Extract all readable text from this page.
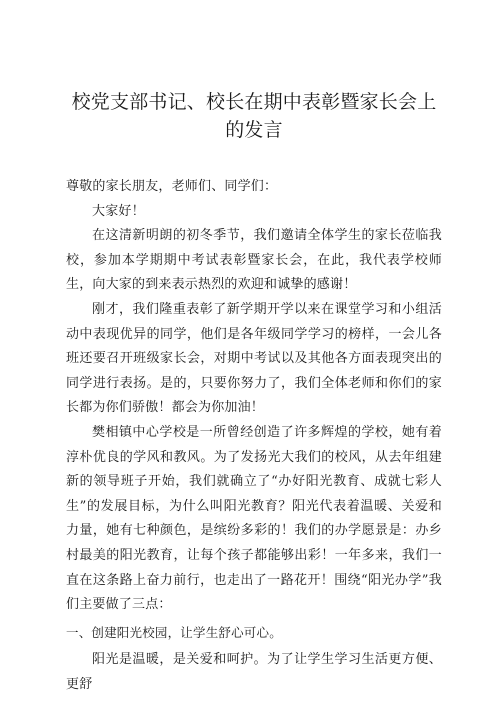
校党支部书记、校长在期中表彰暨家长会上的发言

尊敬的家长朋友，老师们、同学们：

大家好！

在这清新明朗的初冬季节，我们邀请全体学生的家长莅临我校，参加本学期期中考试表彰暨家长会，在此，我代表学校师生，向大家的到来表示热烈的欢迎和诚挚的感谢！

刚才，我们隆重表彰了新学期开学以来在课堂学习和小组活动中表现优异的同学，他们是各年级同学学习的榜样，一会儿各班还要召开班级家长会，对期中考试以及其他各方面表现突出的同学进行表扬。是的，只要你努力了，我们全体老师和你们的家长都为你们骄傲！都会为你加油！

樊相镇中心学校是一所曾经创造了许多辉煌的学校，她有着淳朴优良的学风和教风。为了发扬光大我们的校风，从去年组建新的领导班子开始，我们就确立了“办好阳光教育、成就七彩人生”的发展目标，为什么叫阳光教育？阳光代表着温暖、关爱和力量，她有七种颜色，是缤纷多彩的！我们的办学愿景是：办乡村最美的阳光教育，让每个孩子都能够出彩！一年多来，我们一直在这条路上奋力前行，也走出了一路花开！围绕“阳光办学”我们主要做了三点：

一、创建阳光校园，让学生舒心可心。

阳光是温暖，是关爱和呵护。为了让学生学习生活更方便、更舒
